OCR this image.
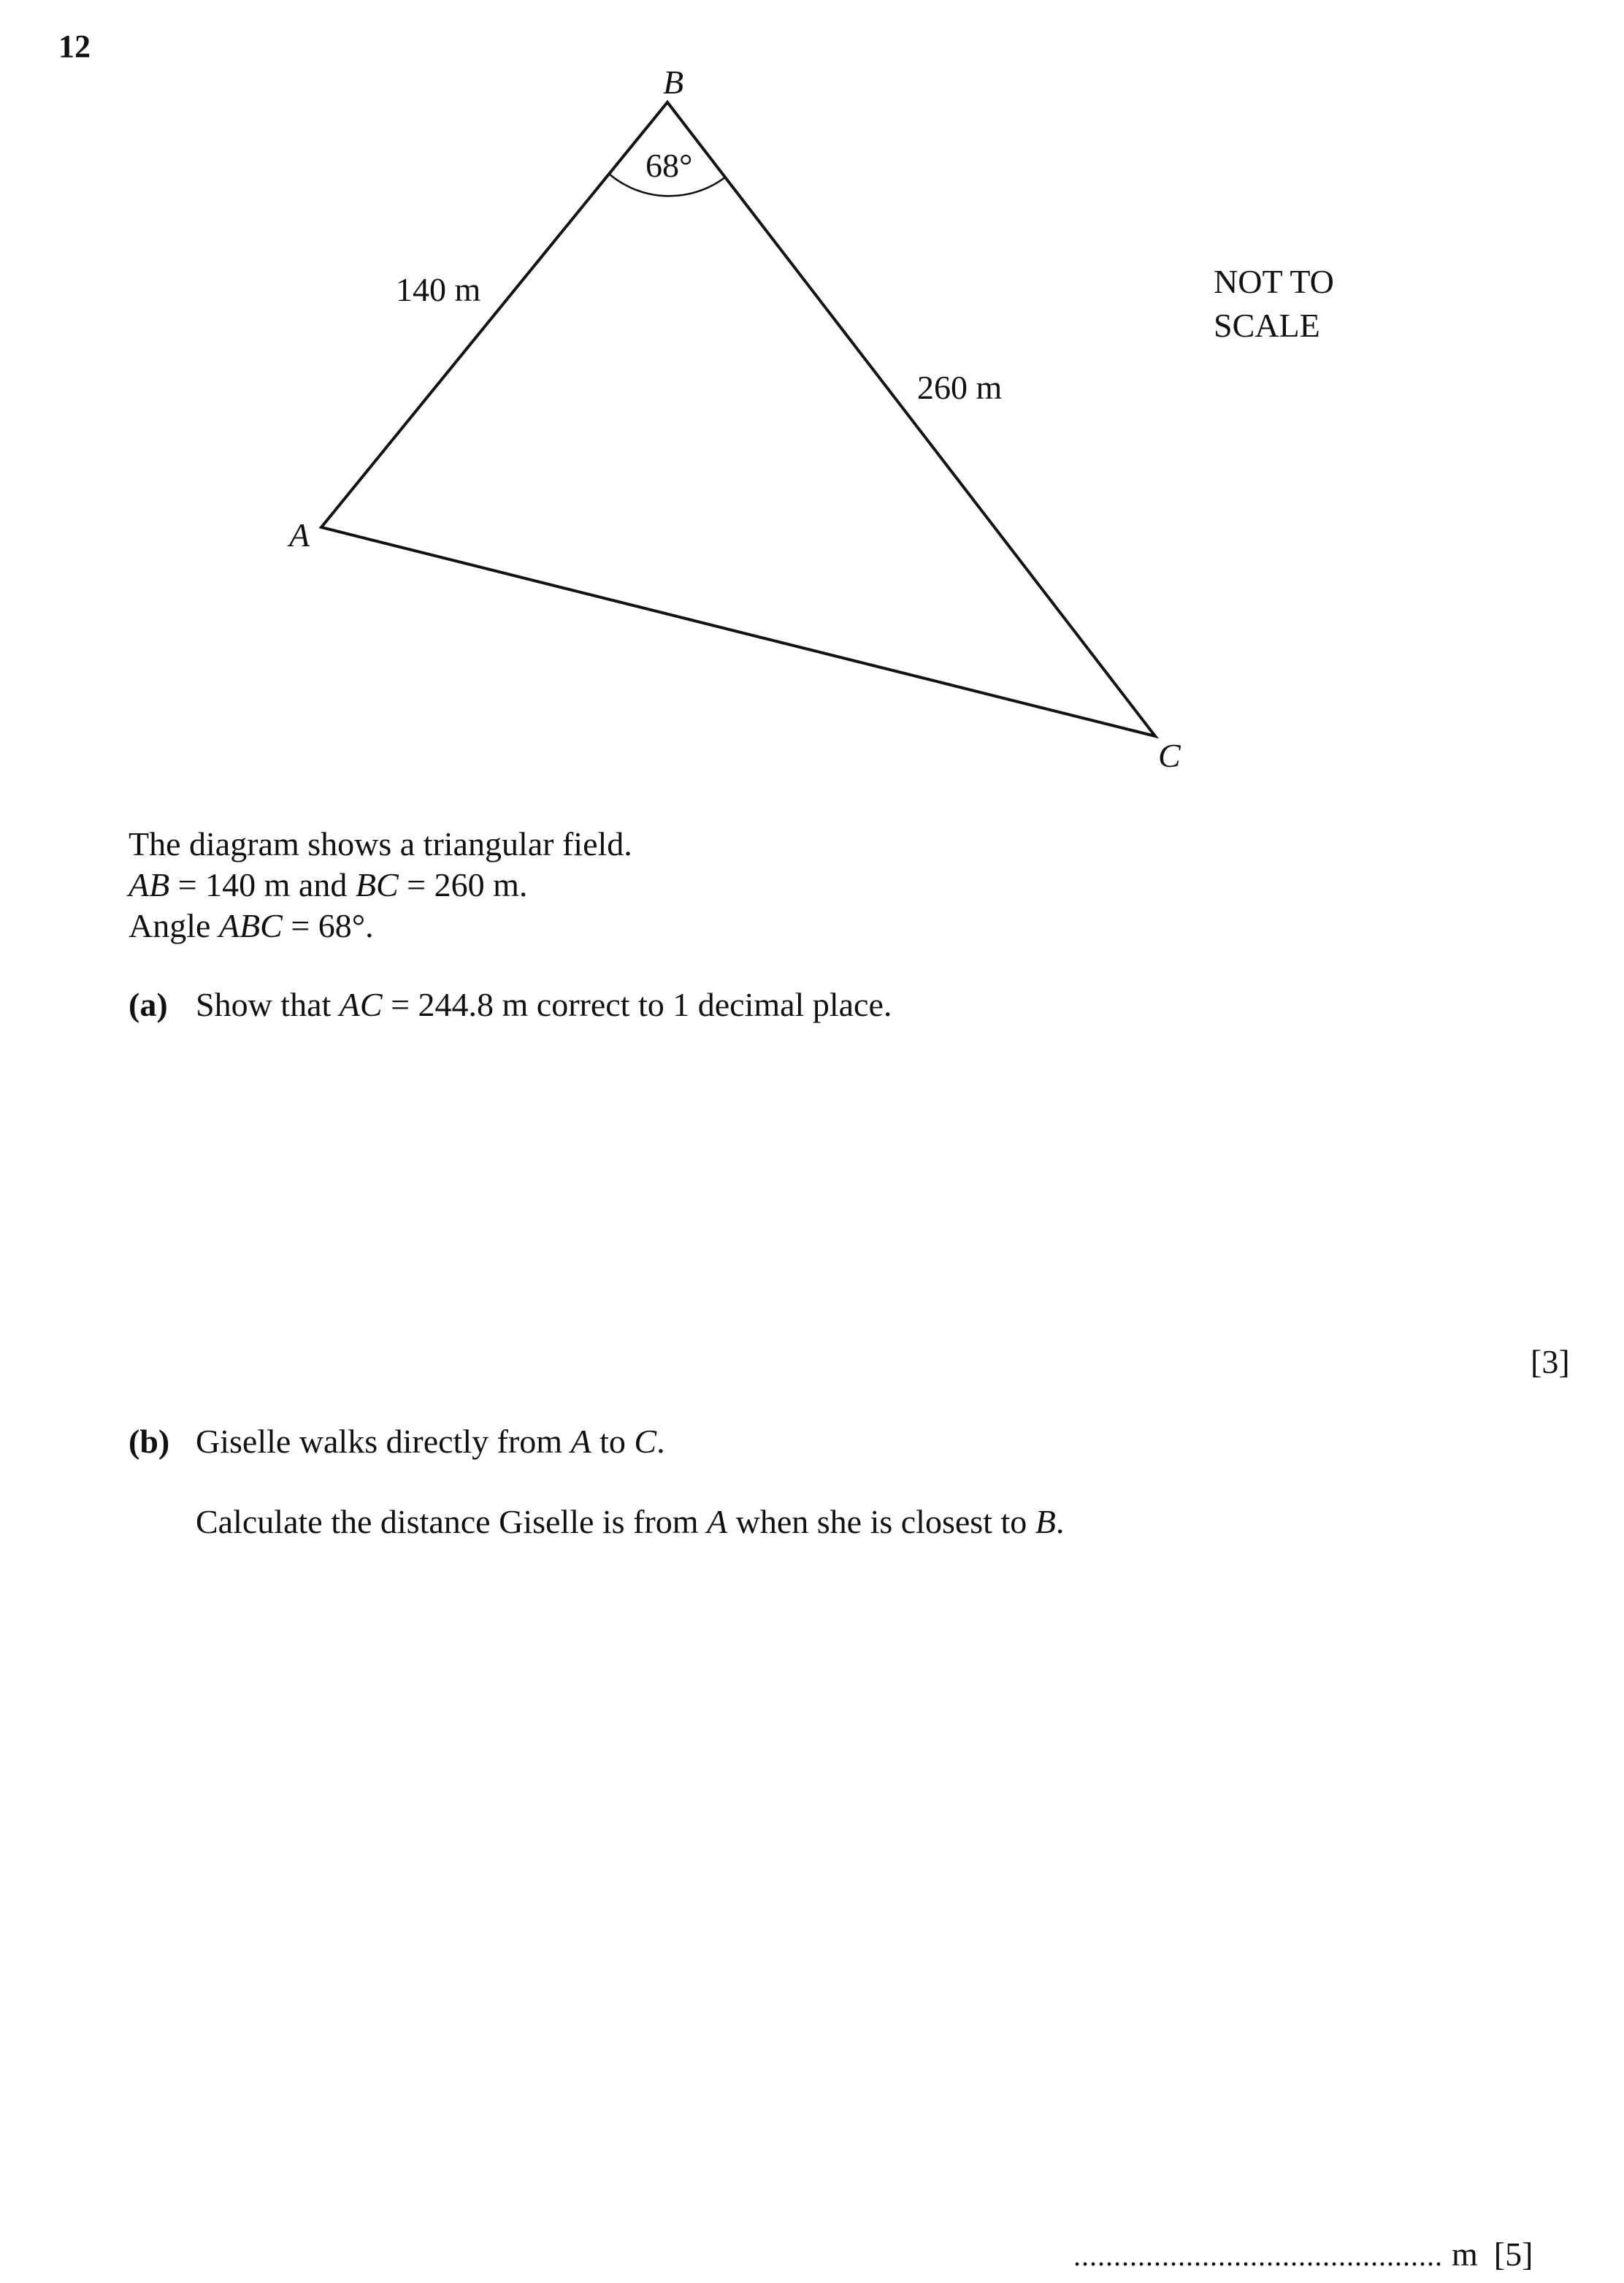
12
B
A
C
68°
140 m
260 m
NOT TO SCALE
The diagram shows a triangular field.
AB = 140 m and BC = 260 m.
Angle ABC = 68°.
(a) Show that AC = 244.8 m correct to 1 decimal place.
[3]
(b) Giselle walks directly from A to C.
Calculate the distance Giselle is from A when she is closest to B.
.............................................. m [5]
